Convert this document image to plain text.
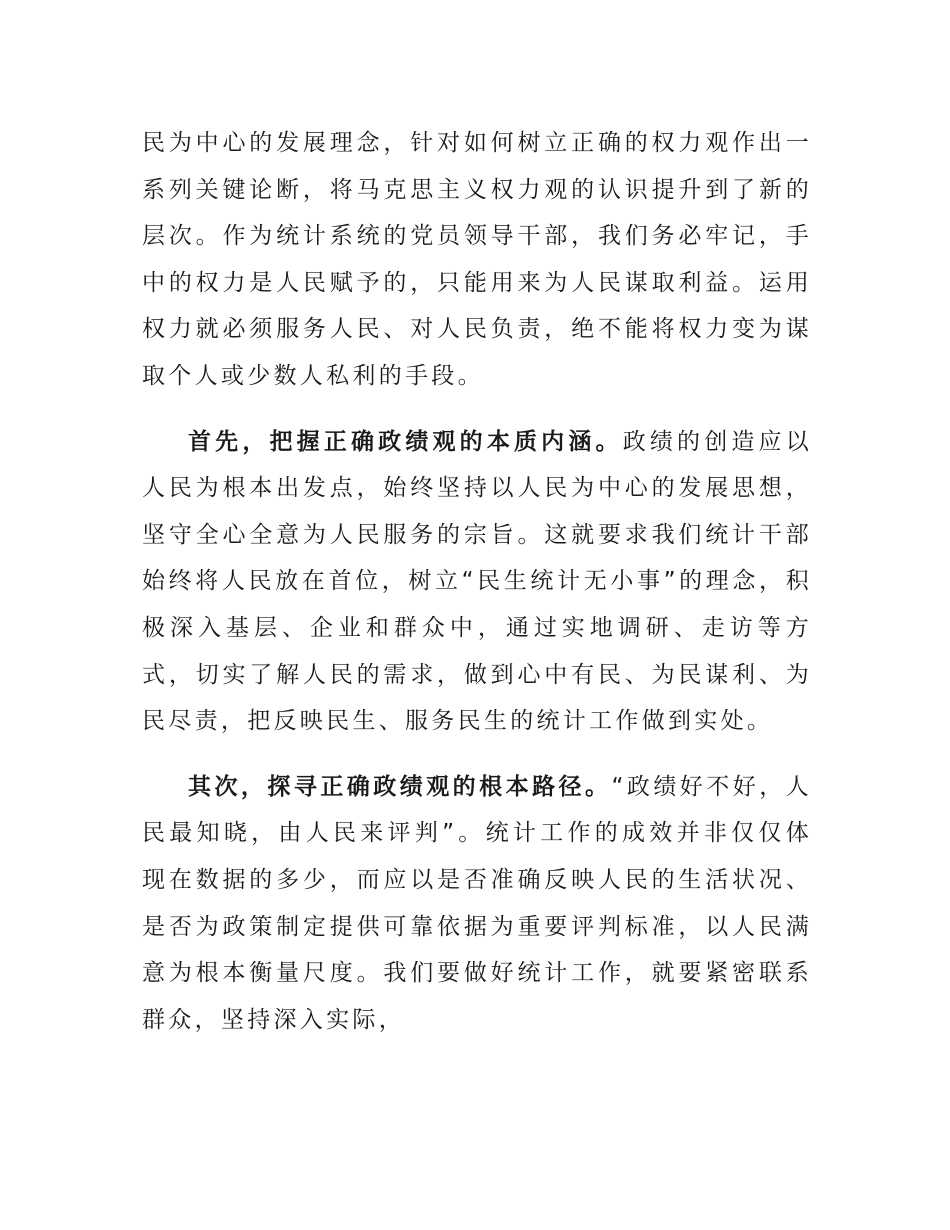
民为中心的发展理念，针对如何树立正确的权力观作出一系列关键论断，将马克思主义权力观的认识提升到了新的层次。作为统计系统的党员领导干部，我们务必牢记，手中的权力是人民赋予的，只能用来为人民谋取利益。运用权力就必须服务人民、对人民负责，绝不能将权力变为谋取个人或少数人私利的手段。

首先，把握正确政绩观的本质内涵。政绩的创造应以人民为根本出发点，始终坚持以人民为中心的发展思想，坚守全心全意为人民服务的宗旨。这就要求我们统计干部始终将人民放在首位，树立“民生统计无小事”的理念，积极深入基层、企业和群众中，通过实地调研、走访等方式，切实了解人民的需求，做到心中有民、为民谋利、为民尽责，把反映民生、服务民生的统计工作做到实处。

其次，探寻正确政绩观的根本路径。“政绩好不好，人民最知晓，由人民来评判”。统计工作的成效并非仅仅体现在数据的多少，而应以是否准确反映人民的生活状况、是否为政策制定提供可靠依据为重要评判标准，以人民满意为根本衡量尺度。我们要做好统计工作，就要紧密联系群众，坚持深入实际，
